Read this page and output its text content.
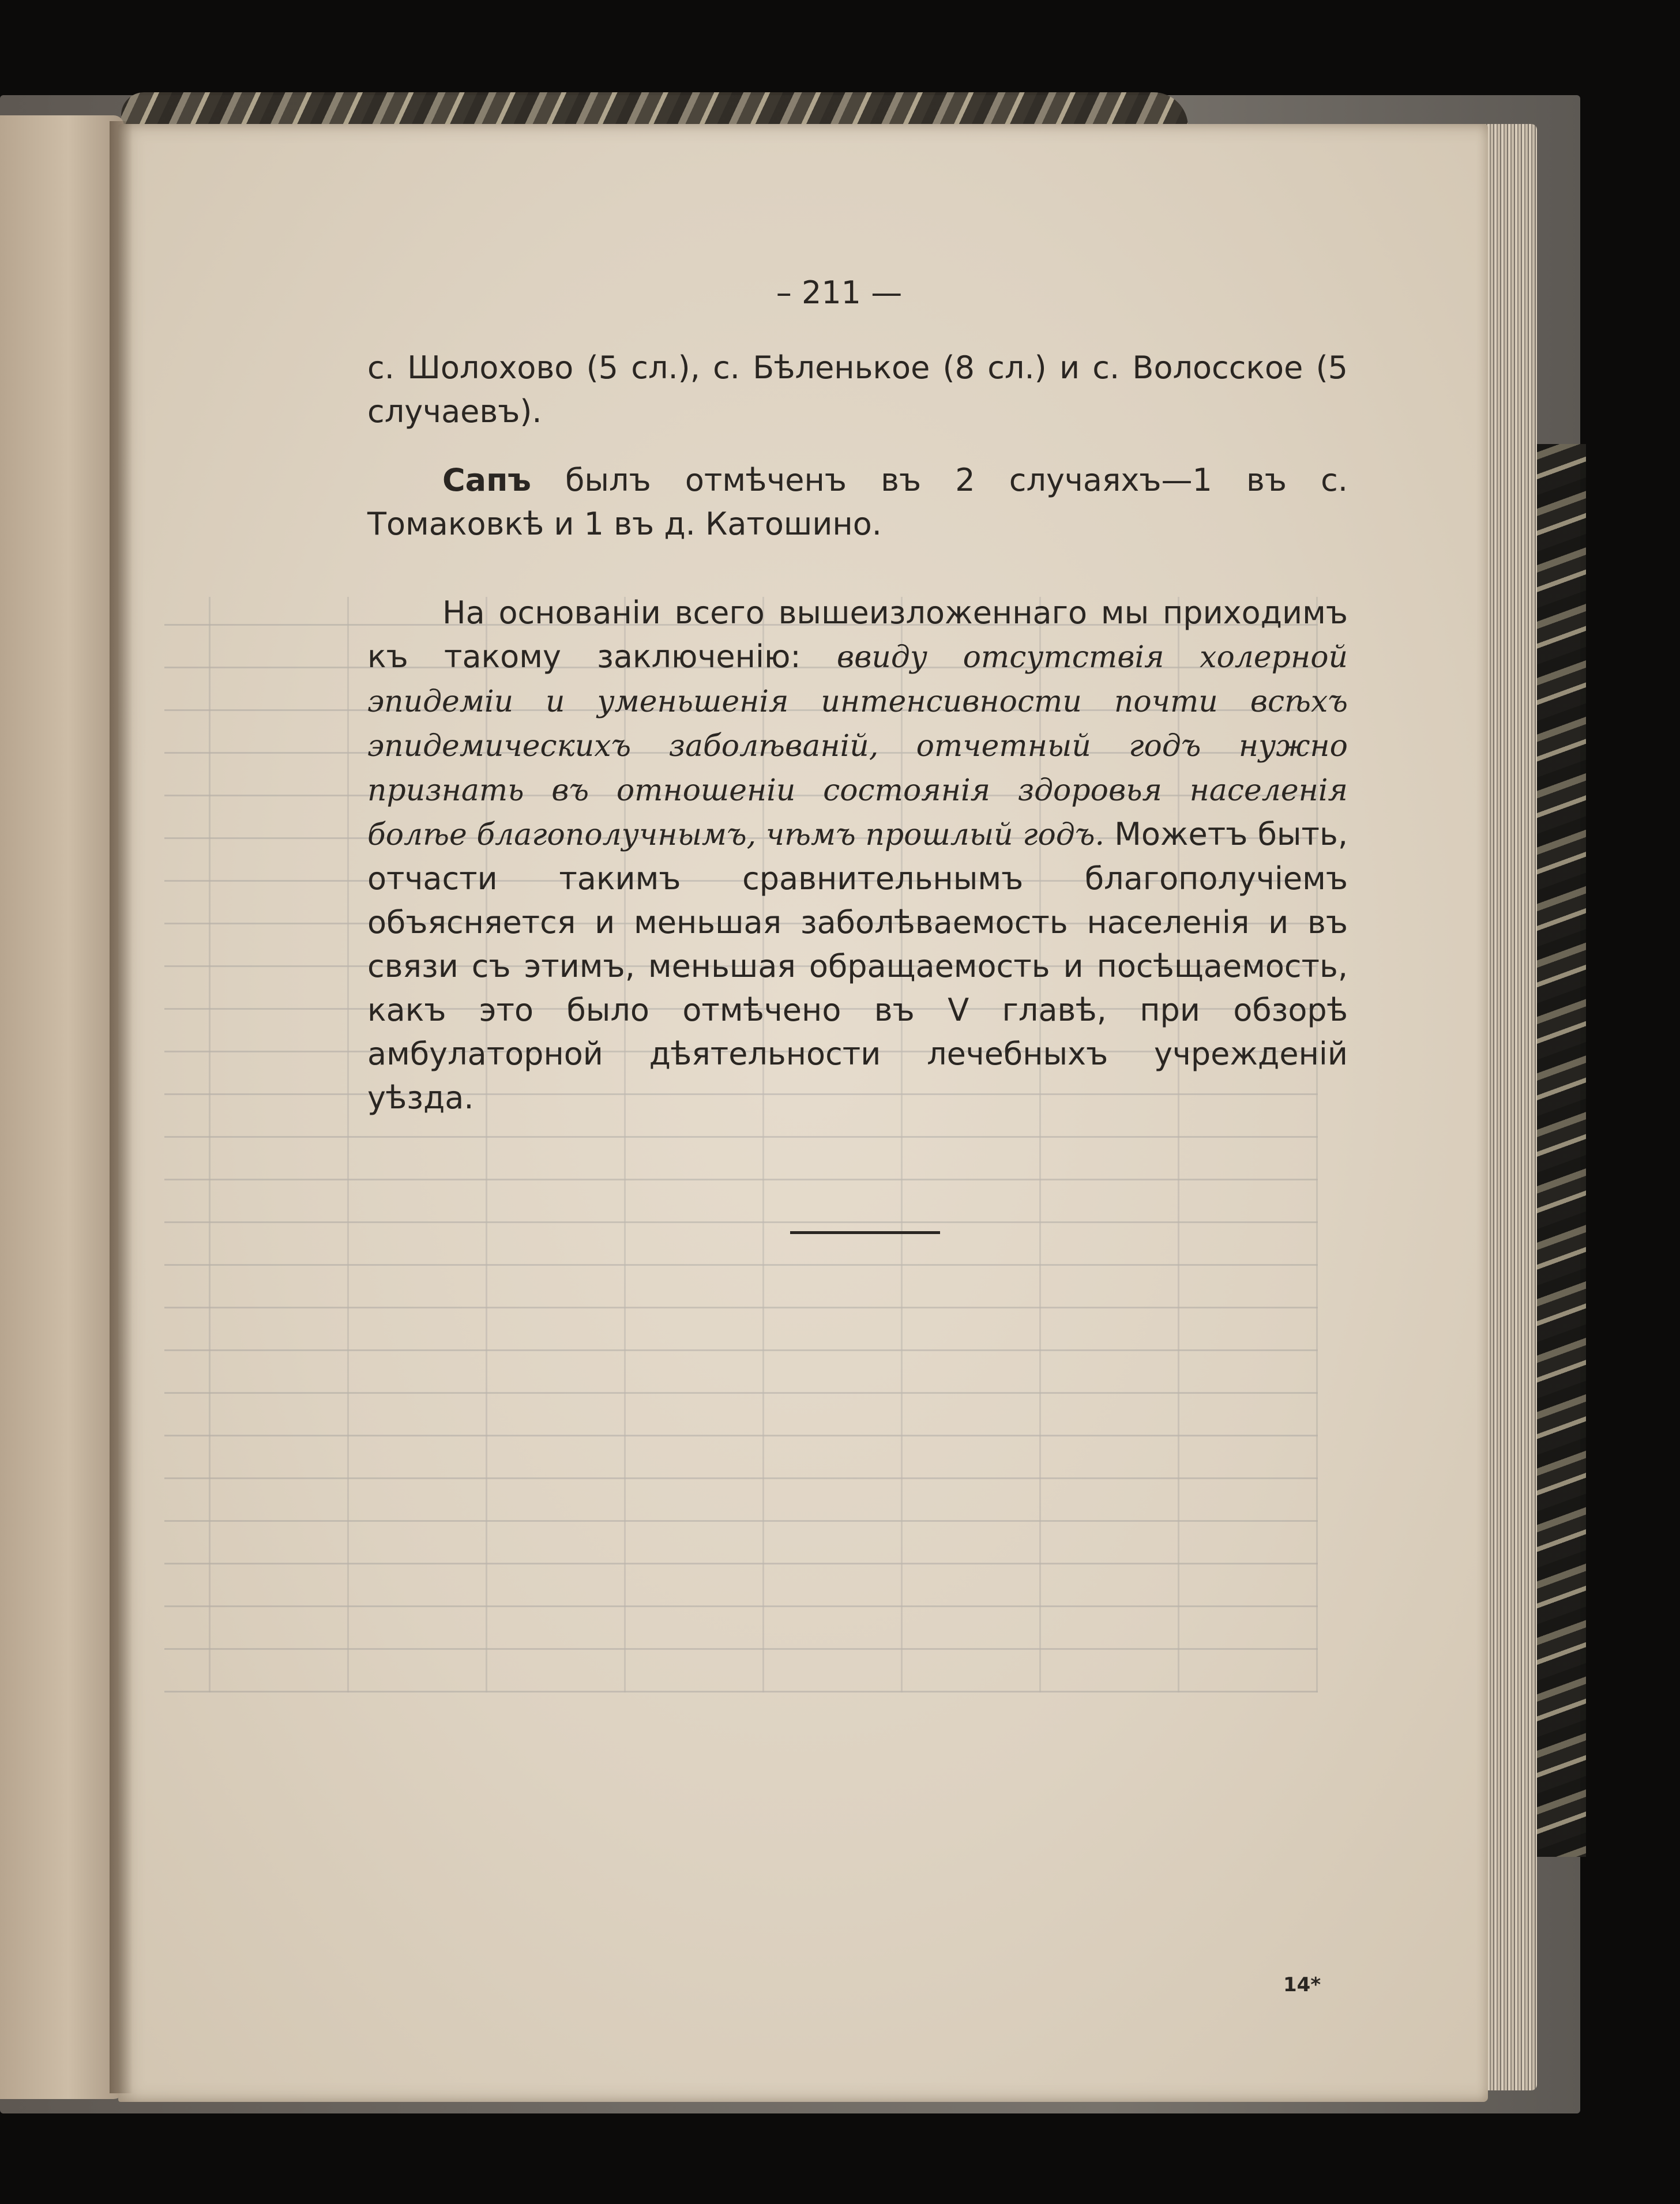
– 211 —

с. Шолохово (5 сл.), с. Бѣленькое (8 сл.) и с. Волосское (5 случаевъ).

Сапъ былъ отмѣченъ въ 2 случаяхъ—1 въ с. Томаковкѣ и 1 въ д. Катошино.

На основанiи всего вышеизложеннаго мы приходимъ къ такому заключенiю: ввиду отсутствiя холерной эпидемiи и уменьшенiя интенсивности почти всѣхъ эпидемическихъ заболѣванiй, отчетный годъ нужно признать въ отношенiи состоянiя здоровья населенiя болѣе благополучнымъ, чѣмъ прошлый годъ. Можетъ быть, отчасти такимъ сравнительнымъ благополучiемъ объясняется и меньшая заболѣваемость населенiя и въ связи съ этимъ, меньшая обращаемость и посѣщаемость, какъ это было отмѣчено въ V главѣ, при обзорѣ амбулаторной дѣятельности лечебныхъ учрежденiй уѣзда.

14*
